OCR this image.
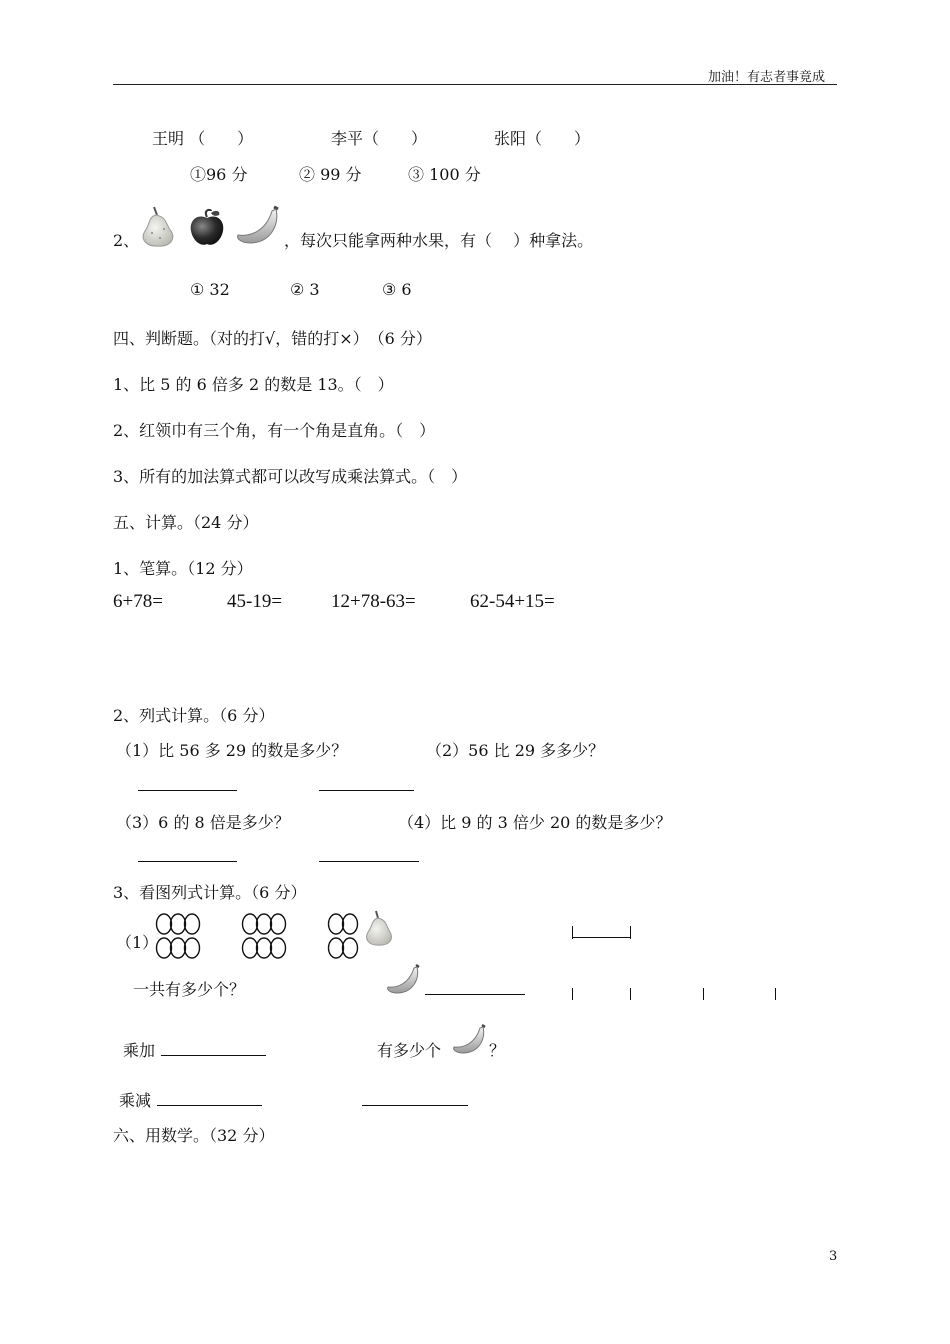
加油！有志者事竟成
王明 （　　）	李平（　　）	张阳（　　）
①96 分	② 99 分	③ 100 分
2、	，每次只能拿两种水果，有（　 ）种拿法。
① 32	② 3	③ 6
四、判断题。（对的打√，错的打×）　（6 分）
1、比 5 的 6 倍多 2 的数是 13。（　）
2、红领巾有三个角，有一个角是直角。（　）
3、所有的加法算式都可以改写成乘法算式。（　）
五、计算。（24 分）
1、笔算。（12 分）
6+78=	45-19=	12+78-63=	62-54+15=
2、列式计算。（6 分）
（1）比 56 多 29 的数是多少？	（2）56 比 29 多多少？
（3）6 的 8 倍是多少？	（4）比 9 的 3 倍少 20 的数是多少？
3、看图列式计算。（6 分）
（1）
一共有多少个？
乘加	有多少个	？
乘减
六、用数学。（32 分）
3
